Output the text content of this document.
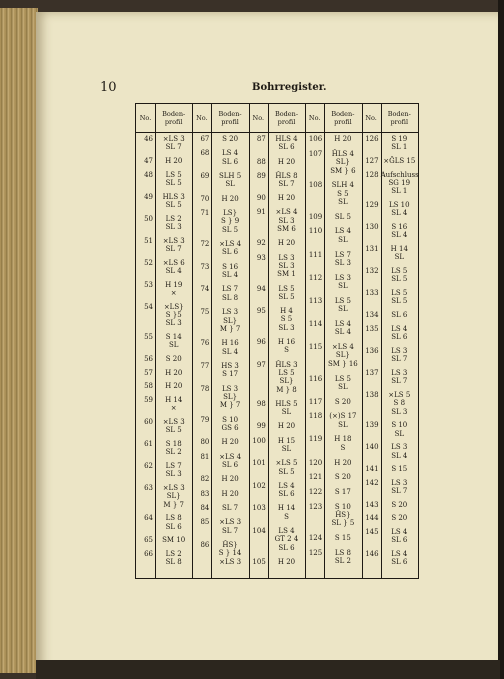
10	Bohrregister.
No.	Boden-
profil
46	⨯LS 3
SL 7
47	H 20
48	LS 5
SL 5
49	HLS 3
SL 5
50	LS 2
SL 3
51	⨯LS 3
SL 7
52	⨯LS 6
SL 4
53	H 19
⨯
54	⨯LS}
S }5
SL 3
55	S 14
SL
56	S 20
57	H 20
58	H 20
59	H 14
⨯
60	⨯LS 3
SL 5
61	S 18
SL 2
62	LS 7
SL 3
63	⨯LS 3
SL}
M } 7
64	LS 8
SL 6
65	SM 10
66	LS 2
SL 8
No.	Boden-
profil
67	S 20
68	LS 4
SL 6
69	SLH 5
SL
70	H 20
71	LS}
S } 9
SL 5
72	⨯LS 4
SL 6
73	S 16
SL 4
74	LS 7
SL 8
75	LS 3
SL}
M } 7
76	H 16
SL 4
77	HS 3
S 17
78	LS 3
SL}
M } 7
79	S 10
GS 6
80	H 20
81	⨯LS 4
SL 6
82	H 20
83	H 20
84	SL 7
85	⨯LS 3
SL 7
86	ĤS}
S } 14
⨯LS 3
No.	Boden-
profil
87	HLS 4
SL 6
88	H 20
89	ĤLS 8
SL 7
90	H 20
91	⨯LS 4
SL 3
SM 6
92	H 20
93	LS 3
SL 3
SM 1
94	LS 5
SL 5
95	H 4
S 5
SL 3
96	H 16
S
97	ĤLS 3
LS 5
SL}
M } 8
98	HLS 5
SL
99	H 20
100	H 15
SL
101	⨯LS 5
SL 5
102	LS 4
SL 6
103	H 14
S
104	LS 4
GT 2 4
SL 6
105	H 20
No.	Boden-
profil
106	H 20
107	ĤLS 4
SL}
SM } 6
108	SLH 4
S 5
SL
109	SL 5
110	LS 4
SL
111	LS 7
SL 3
112	LS 3
SL
113	LS 5
SL
114	LS 4
SL 4
115	⨯LS 4
SL}
SM } 16
116	LS 5
SL
117	S 20
118	(⨯)S 17
SL
119	H 18
S
120	H 20
121	S 20
122	S 17
123	S 10
ĤS}
SL } 5
124	S 15
125	LS 8
SL 2
No.	Boden-
profil
126	S 19
SL 1
127 ⨯ĜLS 15
128 Aufschluss
SG 19
SL 1
129	LS 10
SL 4
130	S 16
SL 4
131	H 14
SL
132	LS 5
SL 5
133	LS 5
SL 5
134	SL 6
135	LS 4
SL 6
136	LS 3
SL 7
137	LS 3
SL 7
138	⨯LS 5
S 8
SL 3
139	S 10
SL
140	LS 3
SL 4
141	S 15
142	LS 3
SL 7
143	S 20
144	S 20
145	LS 4
SL 6
146	LS 4
SL 6
